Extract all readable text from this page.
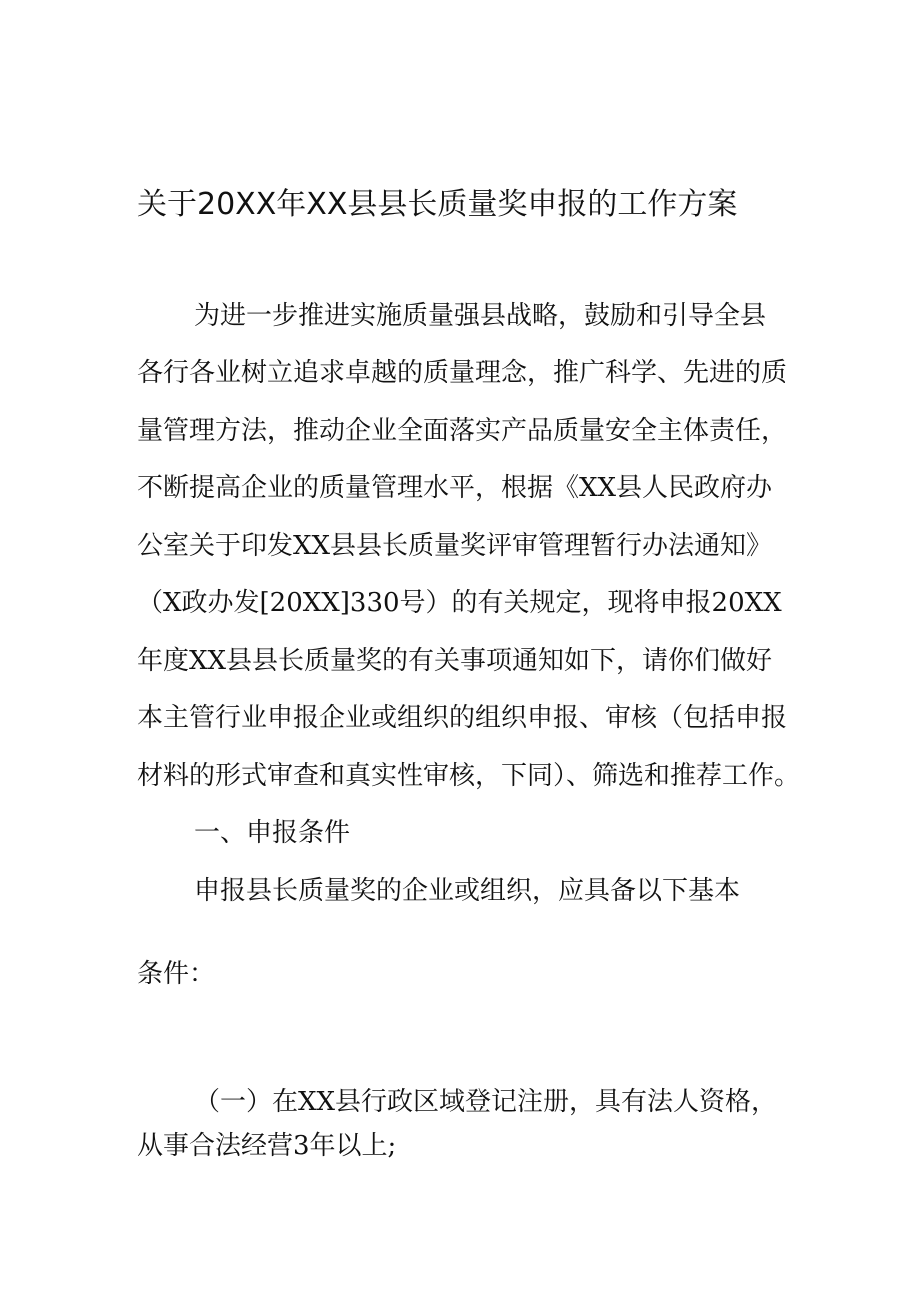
关于20XX年XX县县长质量奖申报的工作方案
为进一步推进实施质量强县战略，鼓励和引导全县
各行各业树立追求卓越的质量理念，推广科学、先进的质
量管理方法，推动企业全面落实产品质量安全主体责任，
不断提高企业的质量管理水平，根据《XX县人民政府办
公室关于印发XX县县长质量奖评审管理暂行办法通知》
（X政办发[20XX]330号）的有关规定，现将申报20XX
年度XX县县长质量奖的有关事项通知如下，请你们做好
本主管行业申报企业或组织的组织申报、审核（包括申报
材料的形式审查和真实性审核，下同）、筛选和推荐工作。
一、申报条件
申报县长质量奖的企业或组织，应具备以下基本
条件：
（一）在XX县行政区域登记注册，具有法人资格，
从事合法经营3年以上;
